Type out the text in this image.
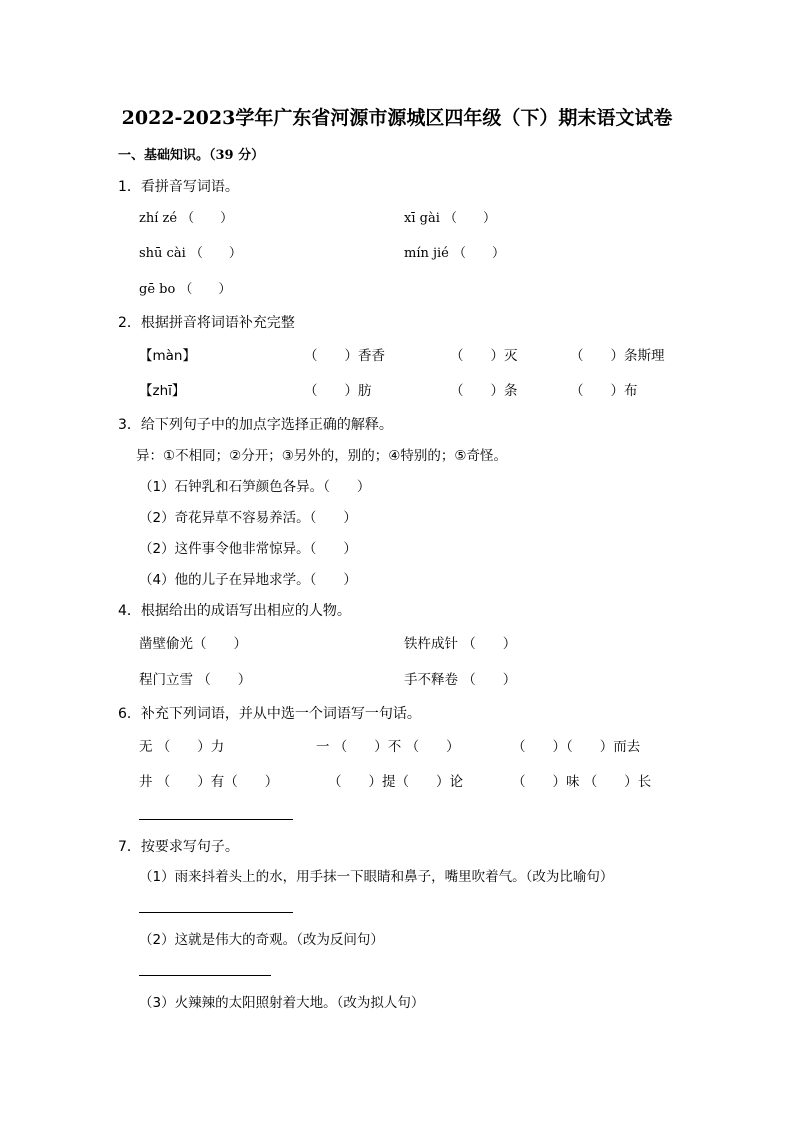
2022-2023学年广东省河源市源城区四年级（下）期末语文试卷
一、基础知识。（39 分）
1．看拼音写词语。
zhí zé （　　）	xī gài （　　）
shū cài （　　）	mín jié （　　）
gē bo （　　）
2．根据拼音将词语补充完整
【màn】	（　　）香香	（　　）灭	（　　）条斯理
【zhī】	（　　）肪	（　　）条	（　　）布
3．给下列句子中的加点字选择正确的解释。
异：①不相同；②分开；③另外的，别的；④特别的；⑤奇怪。
（1）石钟乳和石笋颜色各异。（　　）
（2）奇花异草不容易养活。（　　）
（2）这件事令他非常惊异。（　　）
（4）他的儿子在异地求学。（　　）
4．根据给出的成语写出相应的人物。
凿壁偷光（　　）	铁杵成针 （　　）
程门立雪 （　　）	手不释卷 （　　）
6．补充下列词语，并从中选一个词语写一句话。
无 （　　）力	一 （　　）不 （　　）	（　　）（　　）而去
井 （　　）有（　　）	（　　）提（　　）论	（　　）味 （　　）长
7．按要求写句子。
（1）雨来抖着头上的水，用手抹一下眼睛和鼻子，嘴里吹着气。（改为比喻句）
（2）这就是伟大的奇观。（改为反问句）
（3）火辣辣的太阳照射着大地。（改为拟人句）
